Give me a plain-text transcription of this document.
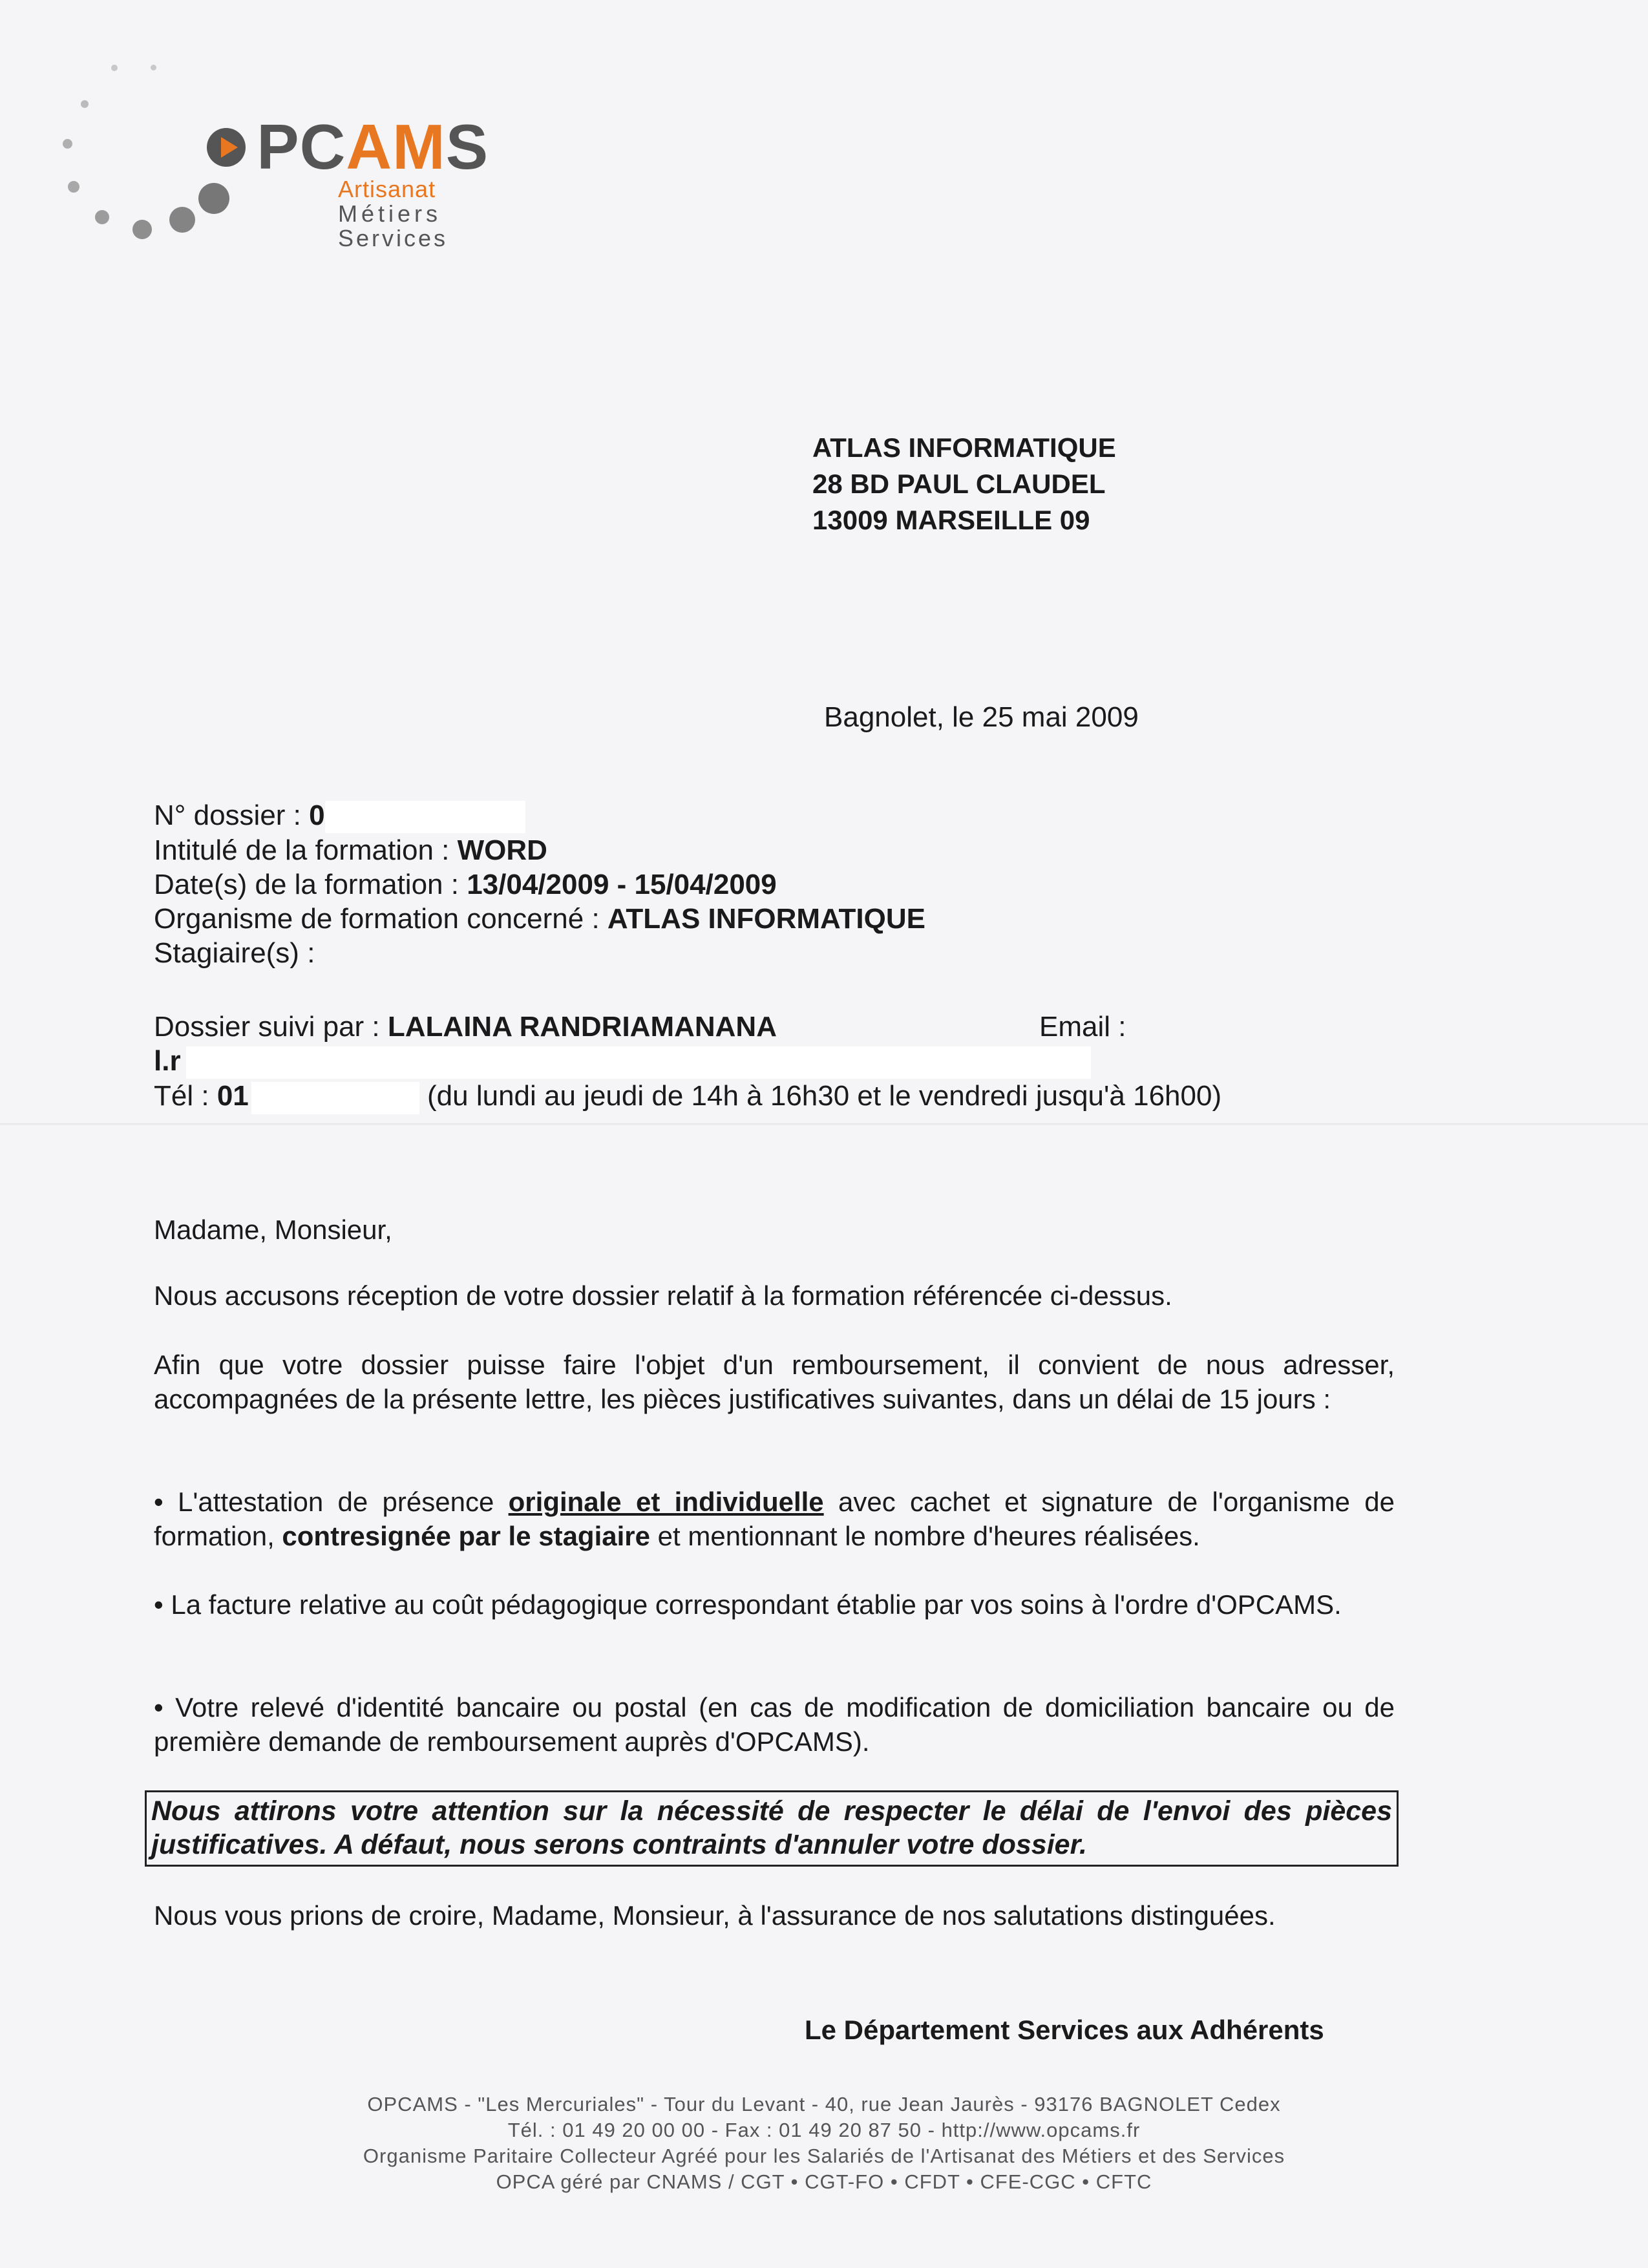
PCAMS
Artisanat
Métiers
Services
ATLAS INFORMATIQUE
28 BD PAUL CLAUDEL
13009 MARSEILLE 09
Bagnolet, le 25 mai 2009
N° dossier : 0
Intitulé de la formation : WORD
Date(s) de la formation : 13/04/2009 - 15/04/2009
Organisme de formation concerné : ATLAS INFORMATIQUE
Stagiaire(s) :
Dossier suivi par : LALAINA RANDRIAMANANA	Email :
l.r
Tél : 01	(du lundi au jeudi de 14h à 16h30 et le vendredi jusqu'à 16h00)
Madame, Monsieur,
Nous accusons réception de votre dossier relatif à la formation référencée ci-dessus.
Afin que votre dossier puisse faire l'objet d'un remboursement, il convient de nous adresser, accompagnées de la présente lettre, les pièces justificatives suivantes, dans un délai de 15 jours :
• L'attestation de présence originale et individuelle avec cachet et signature de l'organisme de formation, contresignée par le stagiaire et mentionnant le nombre d'heures réalisées.
• La facture relative au coût pédagogique correspondant établie par vos soins à l'ordre d'OPCAMS.
• Votre relevé d'identité bancaire ou postal (en cas de modification de domiciliation bancaire ou de première demande de remboursement auprès d'OPCAMS).
Nous attirons votre attention sur la nécessité de respecter le délai de l'envoi des pièces justificatives. A défaut, nous serons contraints d'annuler votre dossier.
Nous vous prions de croire, Madame, Monsieur, à l'assurance de nos salutations distinguées.
Le Département Services aux Adhérents
OPCAMS - "Les Mercuriales" - Tour du Levant - 40, rue Jean Jaurès - 93176 BAGNOLET Cedex
Tél. : 01 49 20 00 00 - Fax : 01 49 20 87 50 - http://www.opcams.fr
Organisme Paritaire Collecteur Agréé pour les Salariés de l'Artisanat des Métiers et des Services
OPCA géré par CNAMS / CGT • CGT-FO • CFDT • CFE-CGC • CFTC
